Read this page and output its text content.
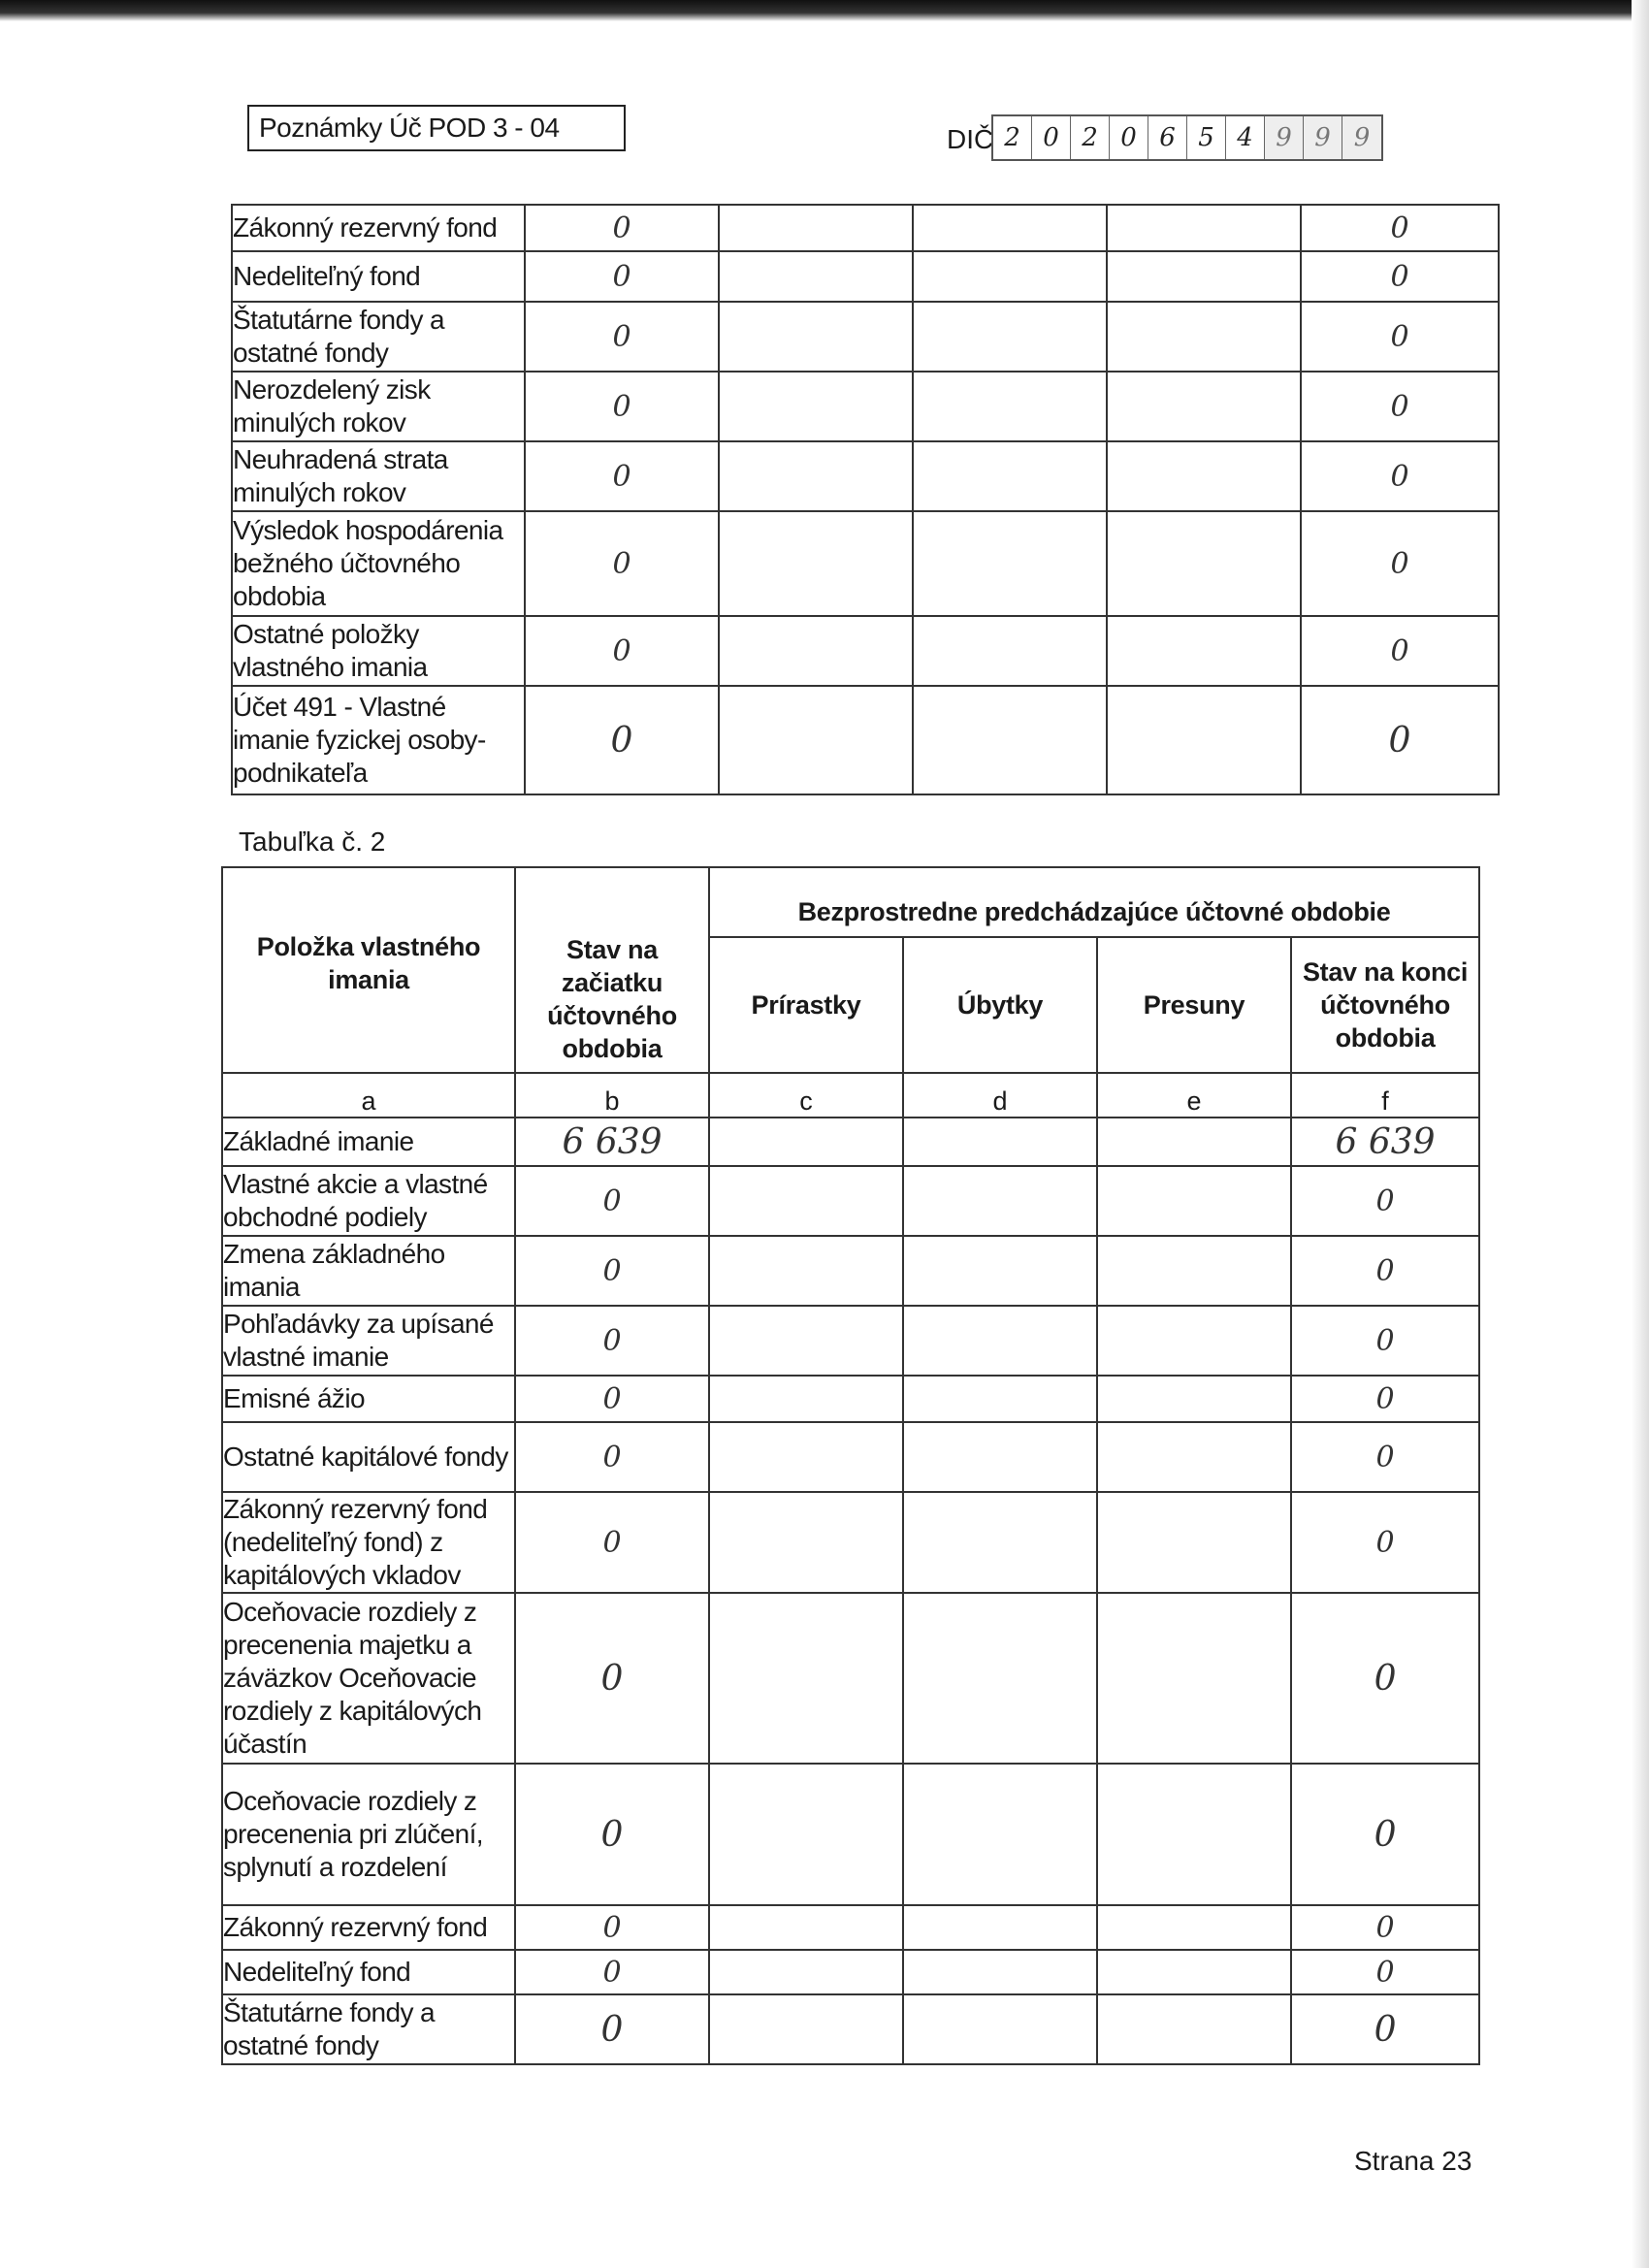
Poznámky Úč POD 3 - 04	DIČ 2 0 2 0 6 5 4 9 9 9
Zákonný rezervný fond	0				0
Nedeliteľný fond	0				0
Štatutárne fondy a ostatné fondy	0				0
Nerozdelený zisk minulých rokov	0				0
Neuhradená strata minulých rokov	0				0
Výsledok hospodárenia bežného účtovného obdobia	0				0
Ostatné položky vlastného imania	0				0
Účet 491 - Vlastné imanie fyzickej osoby-podnikateľa	0				0
Tabuľka č. 2
Položka vlastného imania	Stav na začiatku účtovného obdobia	Bezprostredne predchádzajúce účtovné obdobie			
		Prírastky	Úbytky	Presuny	Stav na konci účtovného obdobia
a	b	c	d	e	f
Základné imanie	6 639				6 639
Vlastné akcie a vlastné obchodné podiely	0				0
Zmena základného imania	0				0
Pohľadávky za upísané vlastné imanie	0				0
Emisné ážio	0				0
Ostatné kapitálové fondy	0				0
Zákonný rezervný fond (nedeliteľný fond) z kapitálových vkladov	0				0
Oceňovacie rozdiely z precenenia majetku a záväzkov Oceňovacie rozdiely z kapitálových účastín	0				0
Oceňovacie rozdiely z precenenia pri zlúčení, splynutí a rozdelení	0				0
Zákonný rezervný fond	0				0
Nedeliteľný fond	0				0
Štatutárne fondy a ostatné fondy	0				0
Strana 23
